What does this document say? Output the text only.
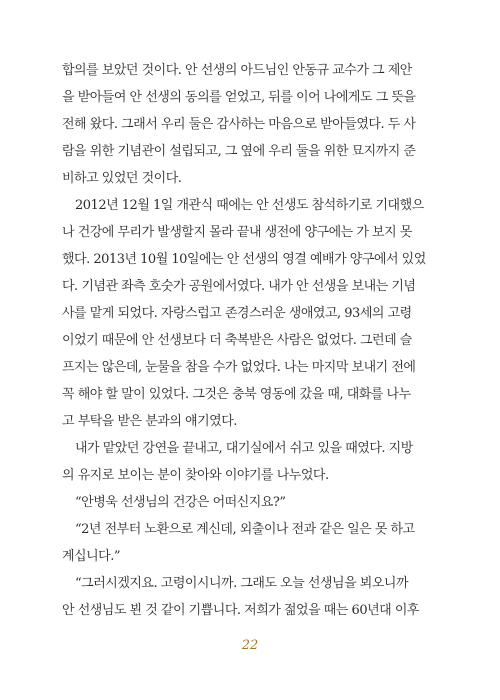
합의를 보았던 것이다. 안 선생의 아드님인 안동규 교수가 그 제안
을 받아들여 안 선생의 동의를 얻었고, 뒤를 이어 나에게도 그 뜻을
전해 왔다. 그래서 우리 둘은 감사하는 마음으로 받아들였다. 두 사
람을 위한 기념관이 설립되고, 그 옆에 우리 둘을 위한 묘지까지 준
비하고 있었던 것이다.

2012년 12월 1일 개관식 때에는 안 선생도 참석하기로 기대했으
나 건강에 무리가 발생할지 몰라 끝내 생전에 양구에는 가 보지 못
했다. 2013년 10월 10일에는 안 선생의 영결 예배가 양구에서 있었
다. 기념관 좌측 호숫가 공원에서였다. 내가 안 선생을 보내는 기념
사를 맡게 되었다. 자랑스럽고 존경스러운 생애였고, 93세의 고령
이었기 때문에 안 선생보다 더 축복받은 사람은 없었다. 그런데 슬
프지는 않은데, 눈물을 참을 수가 없었다. 나는 마지막 보내기 전에
꼭 해야 할 말이 있었다. 그것은 충북 영동에 갔을 때, 대화를 나누
고 부탁을 받은 분과의 얘기였다.

내가 맡았던 강연을 끝내고, 대기실에서 쉬고 있을 때였다. 지방
의 유지로 보이는 분이 찾아와 이야기를 나누었다.

“안병욱 선생님의 건강은 어떠신지요?”

“2년 전부터 노환으로 계신데, 외출이나 전과 같은 일은 못 하고
계십니다.”

“그러시겠지요. 고령이시니까. 그래도 오늘 선생님을 뵈오니까
안 선생님도 뵌 것 같이 기쁩니다. 저희가 젊었을 때는 60년대 이후

22
